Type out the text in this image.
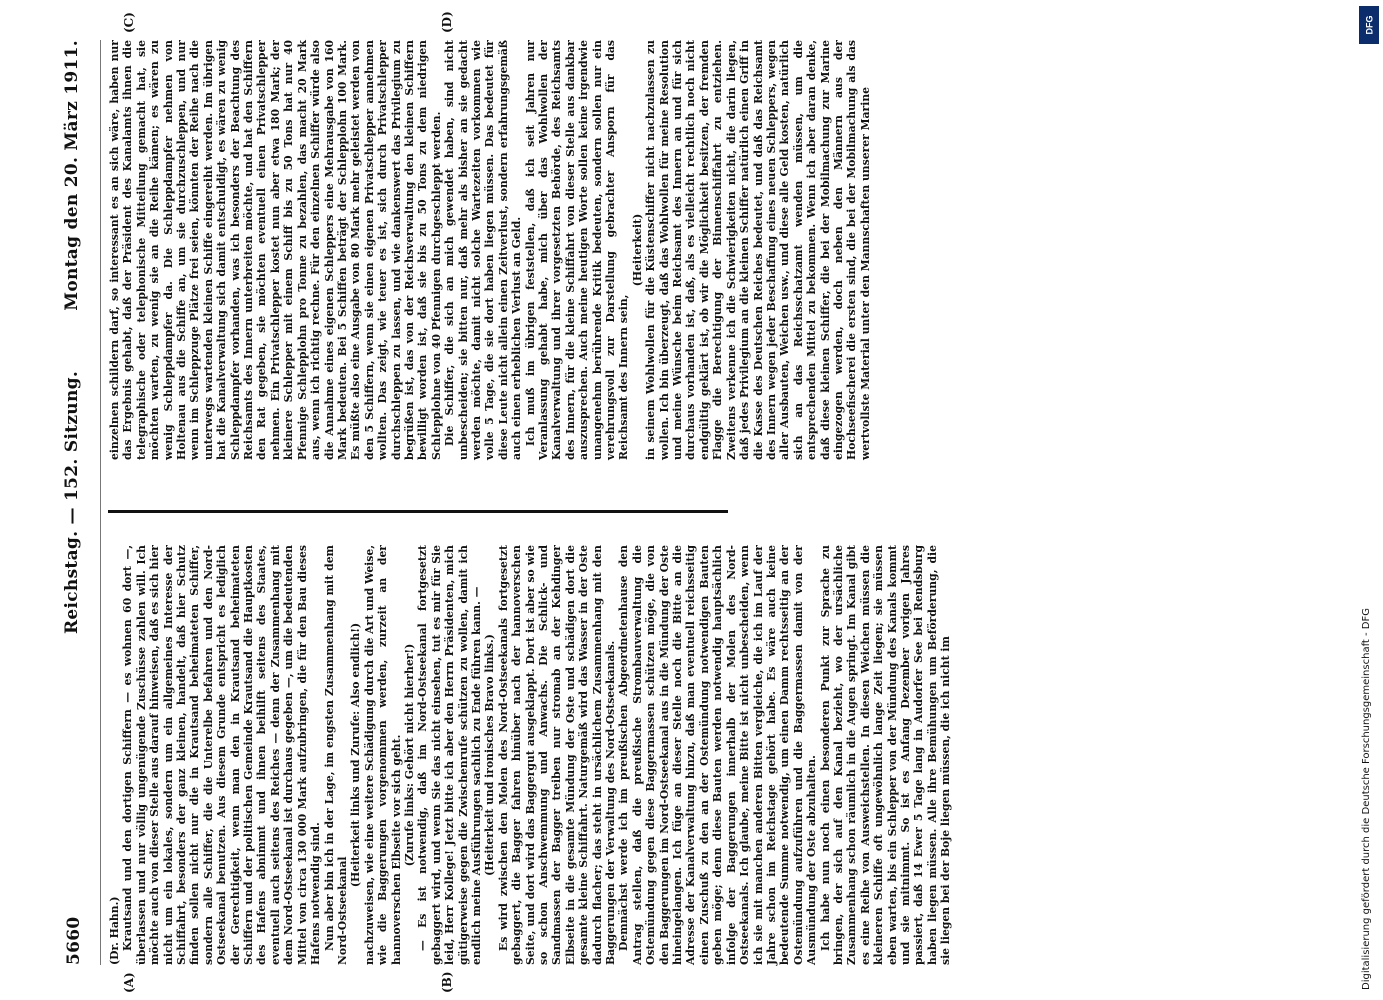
5660
Reichstag. — 152. Sitzung.
Montag den 20. März 1911.
(A)	(B)
(C)	(D)

(Dr. Hahn.) Krautsand und den dortigen Schiffern — es wohnen 60 dort —, überlassen und nur völlig ungenügende Zuschüsse zahlen will. Ich möchte auch von dieser Stelle aus darauf hinweisen, daß es sich hier nicht um ein lokales, sondern um ein allgemeines Interesse der Schiffahrt, besonders der ganz kleinen, handelt, daß hier Schutz finden sollen nicht nur die in Krautsand beheimateten Schiffer, sondern alle Schiffer, die die Unterelbe befahren und den Nord-Ostseekanal benutzen. Aus diesem Grunde entspricht es lediglich der Gerechtigkeit, wenn man den in Krautsand beheimateten Schiffern und der politischen Gemeinde Krautsand die Hauptkosten des Hafens abnimmt und ihnen beihilft seitens des Staates, eventuell auch seitens des Reiches — denn der Zusammenhang mit dem Nord-Ostseekanal ist durchaus gegeben —, um die bedeutenden Mittel von circa 130 000 Mark aufzubringen, die für den Bau dieses Hafens notwendig sind. Nun aber bin ich in der Lage, im engsten Zusammenhang mit dem Nord-Ostseekanal

(Heiterkeit links und Zurufe: Also endlich!) nachzuweisen, wie eine weitere Schädigung durch die Art und Weise, wie die Baggerungen vorgenommen werden, zurzeit an der hannoverschen Elbseite vor sich geht. (Zurufe links: Gehört nicht hierher!) — Es ist notwendig, daß im Nord-Ostseekanal fortgesetzt gebaggert wird, und wenn Sie das nicht einsehen, tut es mir für Sie leid, Herr Kollege! Jetzt bitte ich aber den Herrn Präsidenten, mich gütigerweise gegen die Zwischenrufe schützen zu wollen, damit ich endlich meine Ausführungen sachlich zu Ende führen kann. — (Heiterkeit und ironisches Bravo links.) Es wird zwischen den Molen des Nord-Ostseekanals fortgesetzt gebaggert, die Bagger fahren hinüber nach der hannoverschen Seite, und dort wird das Baggergut ausgeklappt. Dort ist aber so wie so schon Anschwemmung und Anwachs. Die Schlick- und Sandmassen der Bagger treiben nur stromab an der Kehdinger Elbseite in die gesamte Mündung der Oste und schädigen dort die gesamte kleine Schiffahrt. Naturgemäß wird das Wasser in der Oste dadurch flacher; das steht in ursächlichem Zusammenhang mit den Baggerungen der Verwaltung des Nord-Ostseekanals. Demnächst werde ich im preußischen Abgeordnetenhause den Antrag stellen, daß die preußische Strombauverwaltung die Ostemündung gegen diese Baggermassen schützen möge, die von den Baggerungen im Nord-Ostseekanal aus in die Mündung der Oste hineingelangen. Ich füge an dieser Stelle noch die Bitte an die Adresse der Kanalverwaltung hinzu, daß man eventuell reichsseitig einen Zuschuß zu den an der Ostemündung notwendigen Bauten geben möge; denn diese Bauten werden notwendig hauptsächlich infolge der Baggerungen innerhalb der Molen des Nord-Ostseekanals. Ich glaube, meine Bitte ist nicht unbescheiden, wenn ich sie mit manchen anderen Bitten vergleiche, die ich im Lauf der Jahre schon im Reichstage gehört habe. Es wäre auch keine bedeutende Summe notwendig, um einen Damm rechtsseitig an der Ostemündung aufzuführen und die Baggermassen damit von der Ausmündung der Oste abzuhalten. Ich habe nun noch einen besonderen Punkt zur Sprache zu bringen, der sich auf den Kanal bezieht, wo der ursächliche Zusammenhang schon räumlich in die Augen springt. Im Kanal gibt es eine Reihe von Ausweichstellen. In diesen Weichen müssen die kleineren Schiffe oft ungewöhnlich lange Zeit liegen; sie müssen eben warten, bis ein Schlepper von der Mündung des Kanals kommt und sie mitnimmt. So ist es Anfang Dezember vorigen Jahres passiert, daß 14 Ewer 5 Tage lang in Audorfer See bei Rendsburg haben liegen müssen. Alle ihre Bemühungen um Beförderung, die sie liegen bei der Boje liegen müssen, die ich nicht im

einzelnen schildern darf, so interessant es an sich wäre, haben nur das Ergebnis gehabt, daß der Präsident des Kanalamts ihnen die telegraphische oder telephonische Mitteilung gemacht hat, sie möchten warten, zu wenig sie an die Reihe kämen; es wären zu wenig Schleppdampfer da. Die Schleppdampfer nehmen von Holtenau aus die Schiffe an, um sie durchzuschleppen, und nur wenn im Schleppzuge Plätze frei seien, könnten der Reihe nach die unterwegs wartenden kleinen Schiffe eingereiht werden. Im übrigen hat die Kanalverwaltung sich damit entschuldigt, es wären zu wenig Schleppdampfer vorhanden, was ich besonders der Beachtung des Reichsamts des Innern unterbreiten möchte, und hat den Schiffern den Rat gegeben, sie möchten eventuell einen Privatschlepper nehmen. Ein Privatschlepper kostet nun aber etwa 180 Mark; der kleinere Schlepper mit einem Schiff bis zu 50 Tons hat nur 40 Pfennige Schlepplohn pro Tonne zu bezahlen, das macht 20 Mark aus, wenn ich richtig rechne. Für den einzelnen Schiffer würde also die Annahme eines eigenen Schleppers eine Mehrausgabe von 160 Mark bedeuten. Bei 5 Schiffen beträgt der Schlepplohn 100 Mark. Es müßte also eine Ausgabe von 80 Mark mehr geleistet werden von den 5 Schiffern, wenn sie einen eigenen Privatschlepper annehmen wollten. Das zeigt, wie teuer es ist, sich durch Privatschlepper durchschleppen zu lassen, und wie dankenswert das Privilegium zu begrüßen ist, das von der Reichsverwaltung den kleinen Schiffern bewilligt worden ist, daß sie bis zu 50 Tons zu dem niedrigen Schlepplohne von 40 Pfennigen durchgeschleppt werden. Die Schiffer, die sich an mich gewendet haben, sind nicht unbescheiden; sie bitten nur, daß mehr als bisher an sie gedacht werden möchte, damit nicht solche Wartezeiten vorkommen wie volle 5 Tage, die sie dort haben liegen müssen. Das bedeutet für diese Leute nicht allein einen Zeitverlust, sondern erfahrungsgemäß auch einen erheblichen Verlust an Geld. Ich muß im übrigen feststellen, daß ich seit Jahren nur Veranlassung gehabt habe, mich über das Wohlwollen der Kanalverwaltung und ihrer vorgesetzten Behörde, des Reichsamts des Innern, für die kleine Schiffahrt von dieser Stelle aus dankbar auszusprechen. Auch meine heutigen Worte sollen keine irgendwie unangenehm berührende Kritik bedeuten, sondern sollen nur ein verehrungsvoll zur Darstellung gebrachter Ansporn für das Reichsamt des Innern sein,

(Heiterkeit) in seinem Wohlwollen für die Küstenschiffer nicht nachzulassen zu wollen. Ich bin überzeugt, daß das Wohlwollen für meine Resolution und meine Wünsche beim Reichsamt des Innern an und für sich durchaus vorhanden ist, daß, als es vielleicht rechtlich noch nicht endgültig geklärt ist, ob wir die Möglichkeit besitzen, der fremden Flagge die Berechtigung der Binnenschiffahrt zu entziehen. Zweitens verkenne ich die Schwierigkeiten nicht, die darin liegen, daß jedes Privilegium an die kleinen Schiffer natürlich einen Griff in die Kasse des Deutschen Reiches bedeutet, und daß das Reichsamt des Innern wegen jeder Beschaffung eines neuen Schleppers, wegen aller Ausbauten, Weichen usw., und diese alle Geld kosten, natürlich sich an das Reichsschatzamt wenden müssen, um die entsprechenden Mittel zu bekommen. Wenn ich aber daran denke, daß diese kleinen Schiffer, die bei der Mobilmachung zur Marine eingezogen werden, doch neben den Männern aus der Hochseefischerei die ersten sind, die bei der Mobilmachung als das wertvollste Material unter den Mannschaften unserer Marine

Digitalisierung gefördert durch die Deutsche Forschungsgemeinschaft - DFG
DFG
